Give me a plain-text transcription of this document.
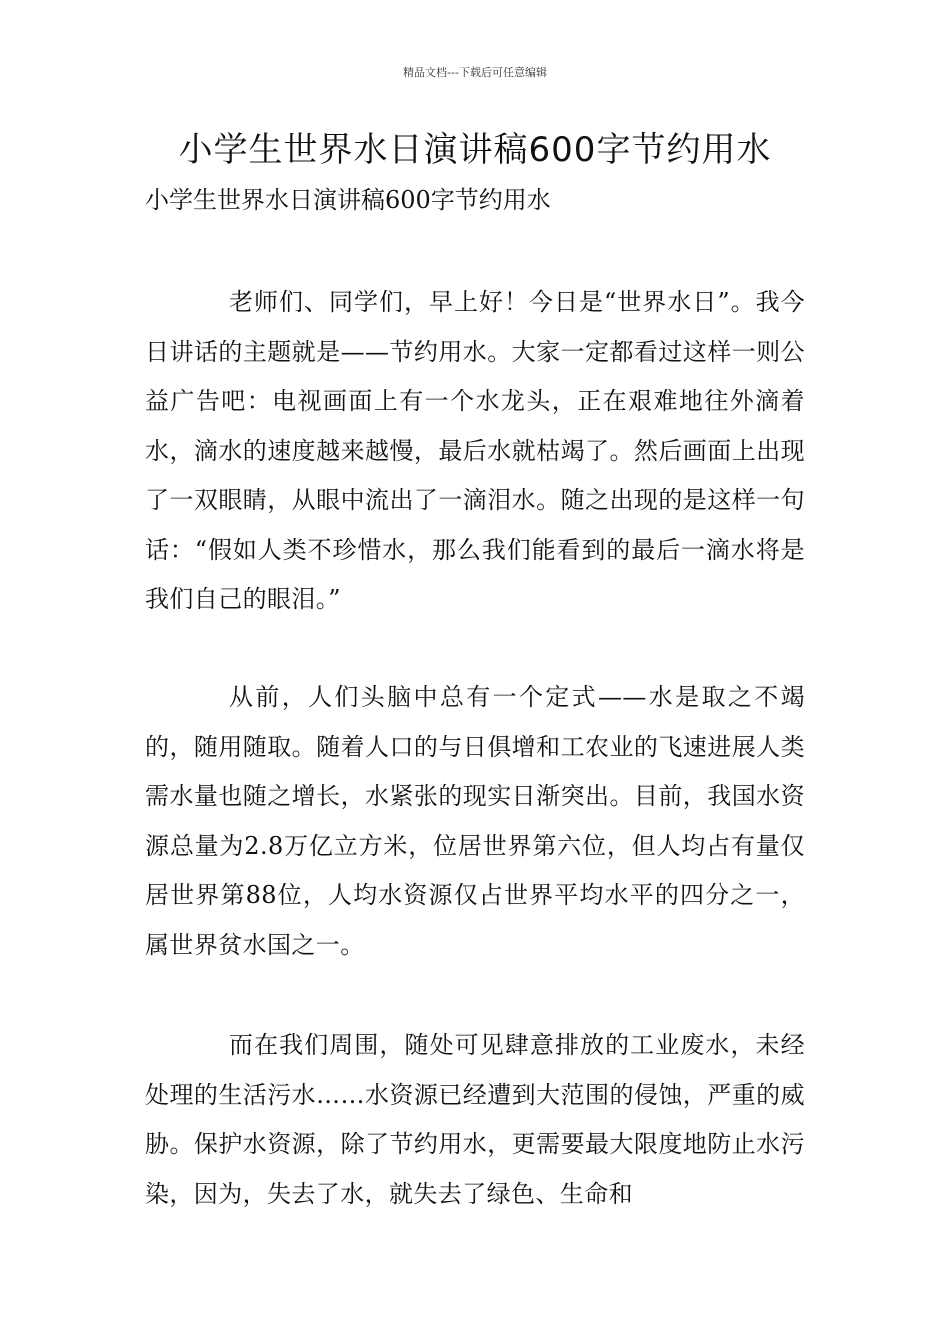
精品文档---下载后可任意编辑
小学生世界水日演讲稿600字节约用水
小学生世界水日演讲稿600字节约用水

老师们、同学们，早上好！今日是“世界水日”。我今日讲话的主题就是——节约用水。大家一定都看过这样一则公益广告吧：电视画面上有一个水龙头，正在艰难地往外滴着水，滴水的速度越来越慢，最后水就枯竭了。然后画面上出现了一双眼睛，从眼中流出了一滴泪水。随之出现的是这样一句话：“假如人类不珍惜水，那么我们能看到的最后一滴水将是我们自己的眼泪。”

从前，人们头脑中总有一个定式——水是取之不竭的，随用随取。随着人口的与日俱增和工农业的飞速进展人类需水量也随之增长，水紧张的现实日渐突出。目前，我国水资源总量为2.8万亿立方米，位居世界第六位，但人均占有量仅居世界第88位，人均水资源仅占世界平均水平的四分之一，属世界贫水国之一。

而在我们周围，随处可见肆意排放的工业废水，未经处理的生活污水……水资源已经遭到大范围的侵蚀，严重的威胁。保护水资源，除了节约用水，更需要最大限度地防止水污染，因为，失去了水，就失去了绿色、生命和
